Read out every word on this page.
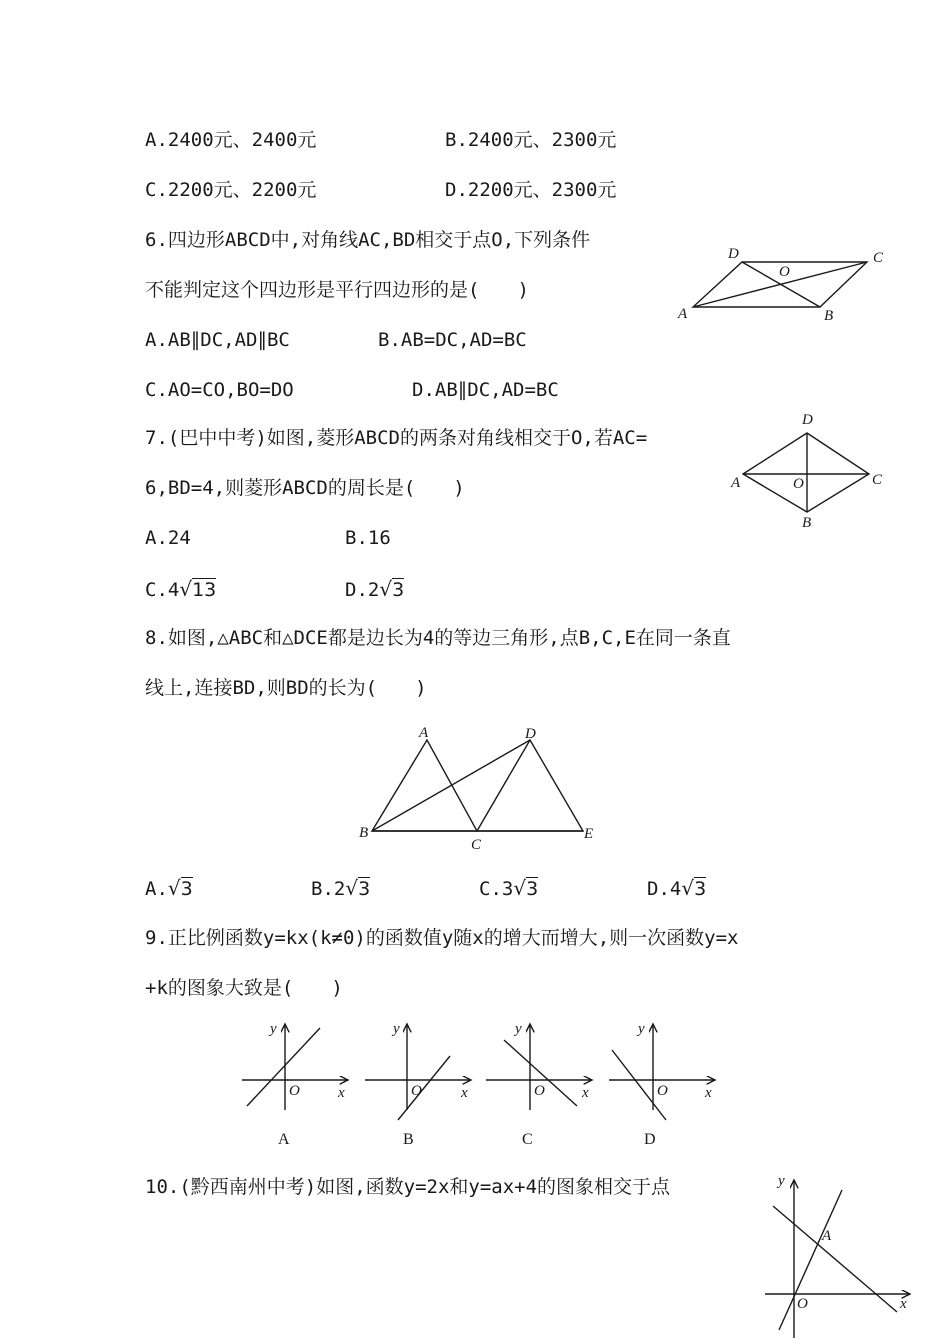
A.2400元、2400元	B.2400元、2300元
C.2200元、2200元	D.2200元、2300元
6.四边形ABCD中,对角线AC,BD相交于点O,下列条件
不能判定这个四边形是平行四边形的是(　　)
A.AB∥DC,AD∥BC	B.AB=DC,AD=BC
C.AO=CO,BO=DO	D.AB∥DC,AD=BC
A	B
C
D
O
7.(巴中中考)如图,菱形ABCD的两条对角线相交于O,若AC=
6,BD=4,则菱形ABCD的周长是(　　)
A.24	B.16
C.4√13	D.2√3
A
B
C
D
O
8.如图,△ABC和△DCE都是边长为4的等边三角形,点B,C,E在同一条直
线上,连接BD,则BD的长为(　　)
A
B
C
D
E
A.√3	B.2√3	C.3√3	D.4√3
9.正比例函数y=kx(k≠0)的函数值y随x的增大而增大,则一次函数y=x
+k的图象大致是(　　)
x
y
O
A
x
y
O
B
x
y
O
C
x
y
O
D
10.(黔西南州中考)如图,函数y=2x和y=ax+4的图象相交于点
x
y
O
A
